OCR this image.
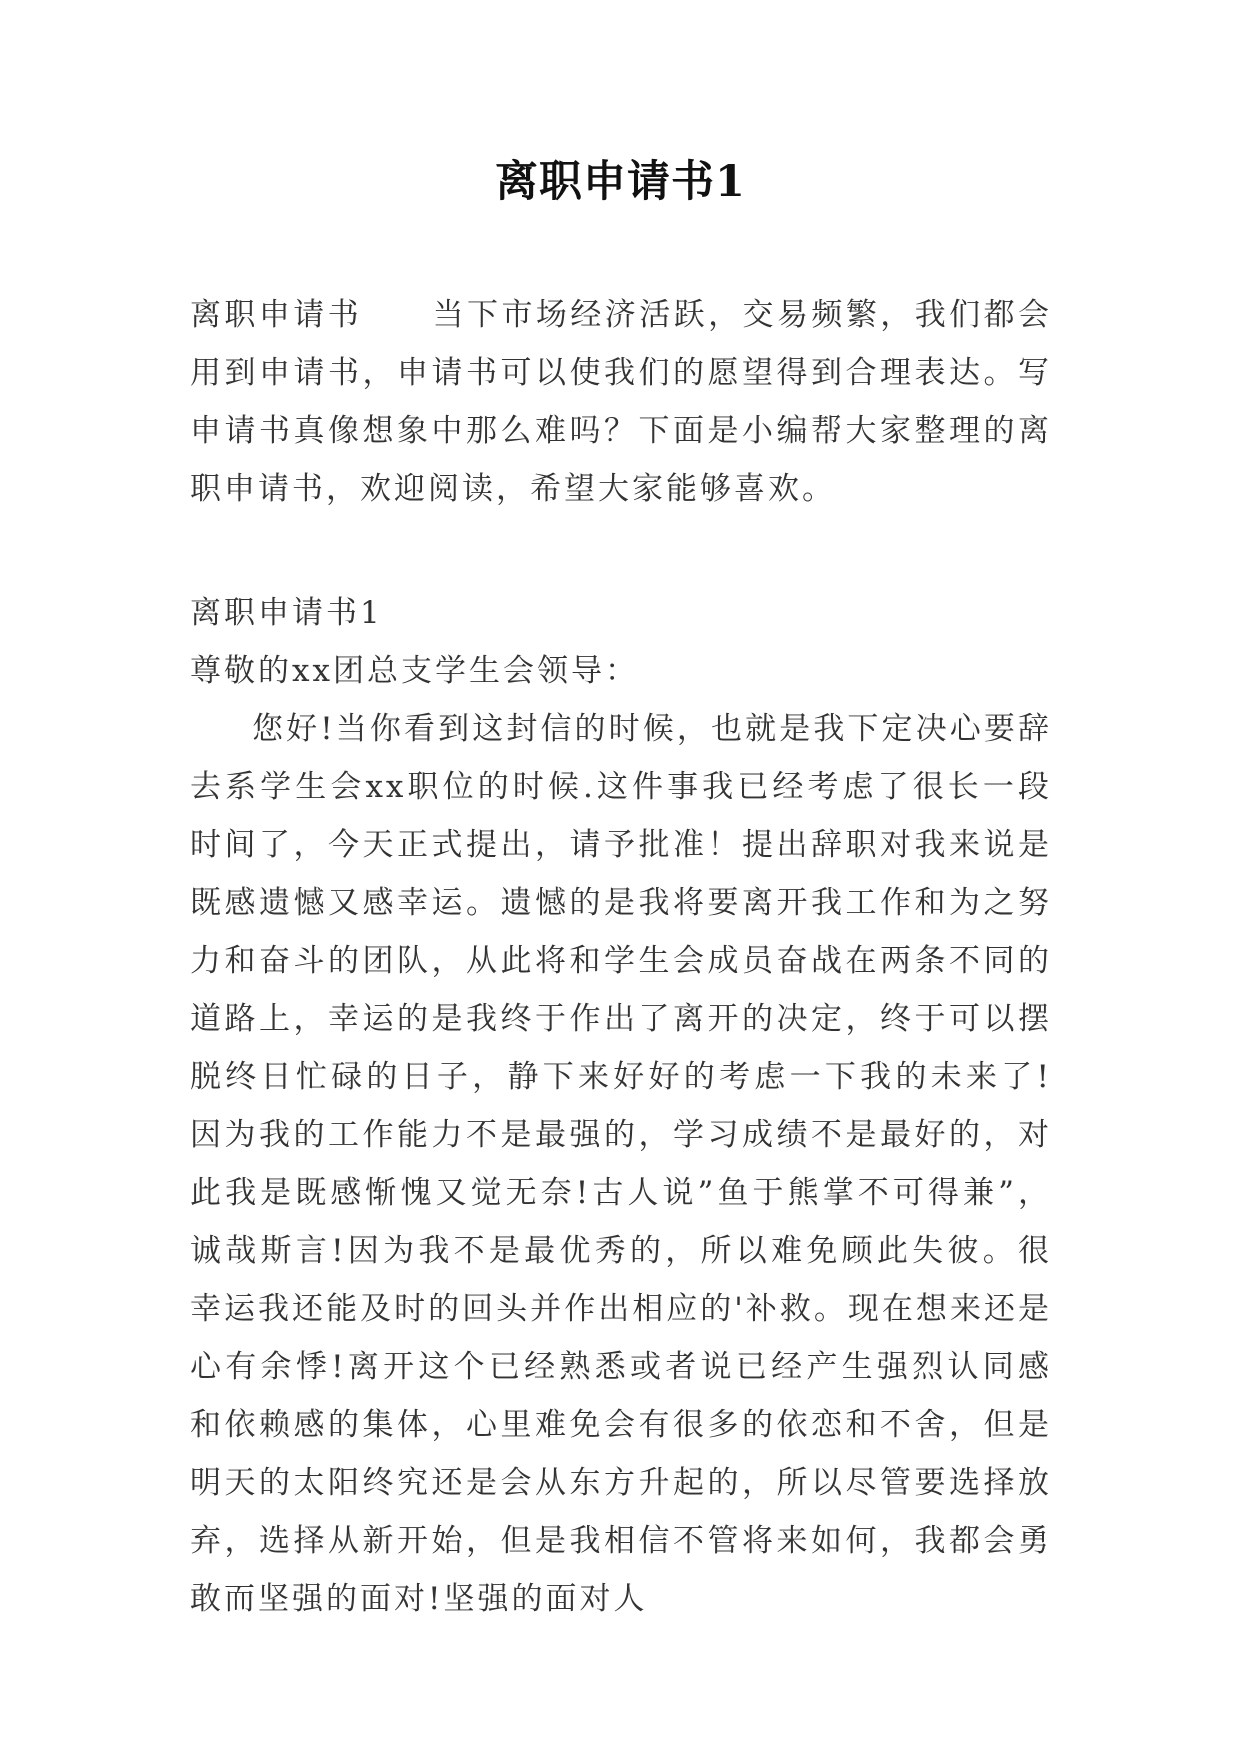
离职申请书1
离职申请书 当下市场经济活跃，交易频繁，我们都会用到申请书，申请书可以使我们的愿望得到合理表达。写申请书真像想象中那么难吗？下面是小编帮大家整理的离职申请书，欢迎阅读，希望大家能够喜欢。
离职申请书1
尊敬的xx团总支学生会领导：
您好!当你看到这封信的时候，也就是我下定决心要辞去系学生会xx职位的时候.这件事我已经考虑了很长一段时间了，今天正式提出，请予批准！提出辞职对我来说是既感遗憾又感幸运。遗憾的是我将要离开我工作和为之努力和奋斗的团队，从此将和学生会成员奋战在两条不同的道路上，幸运的是我终于作出了离开的决定，终于可以摆脱终日忙碌的日子，静下来好好的考虑一下我的未来了!因为我的工作能力不是最强的，学习成绩不是最好的，对此我是既感惭愧又觉无奈!古人说”鱼于熊掌不可得兼”，诚哉斯言!因为我不是最优秀的，所以难免顾此失彼。很幸运我还能及时的回头并作出相应的'补救。现在想来还是心有余悸!离开这个已经熟悉或者说已经产生强烈认同感和依赖感的集体，心里难免会有很多的依恋和不舍，但是明天的太阳终究还是会从东方升起的，所以尽管要选择放弃，选择从新开始，但是我相信不管将来如何，我都会勇敢而坚强的面对!坚强的面对人
